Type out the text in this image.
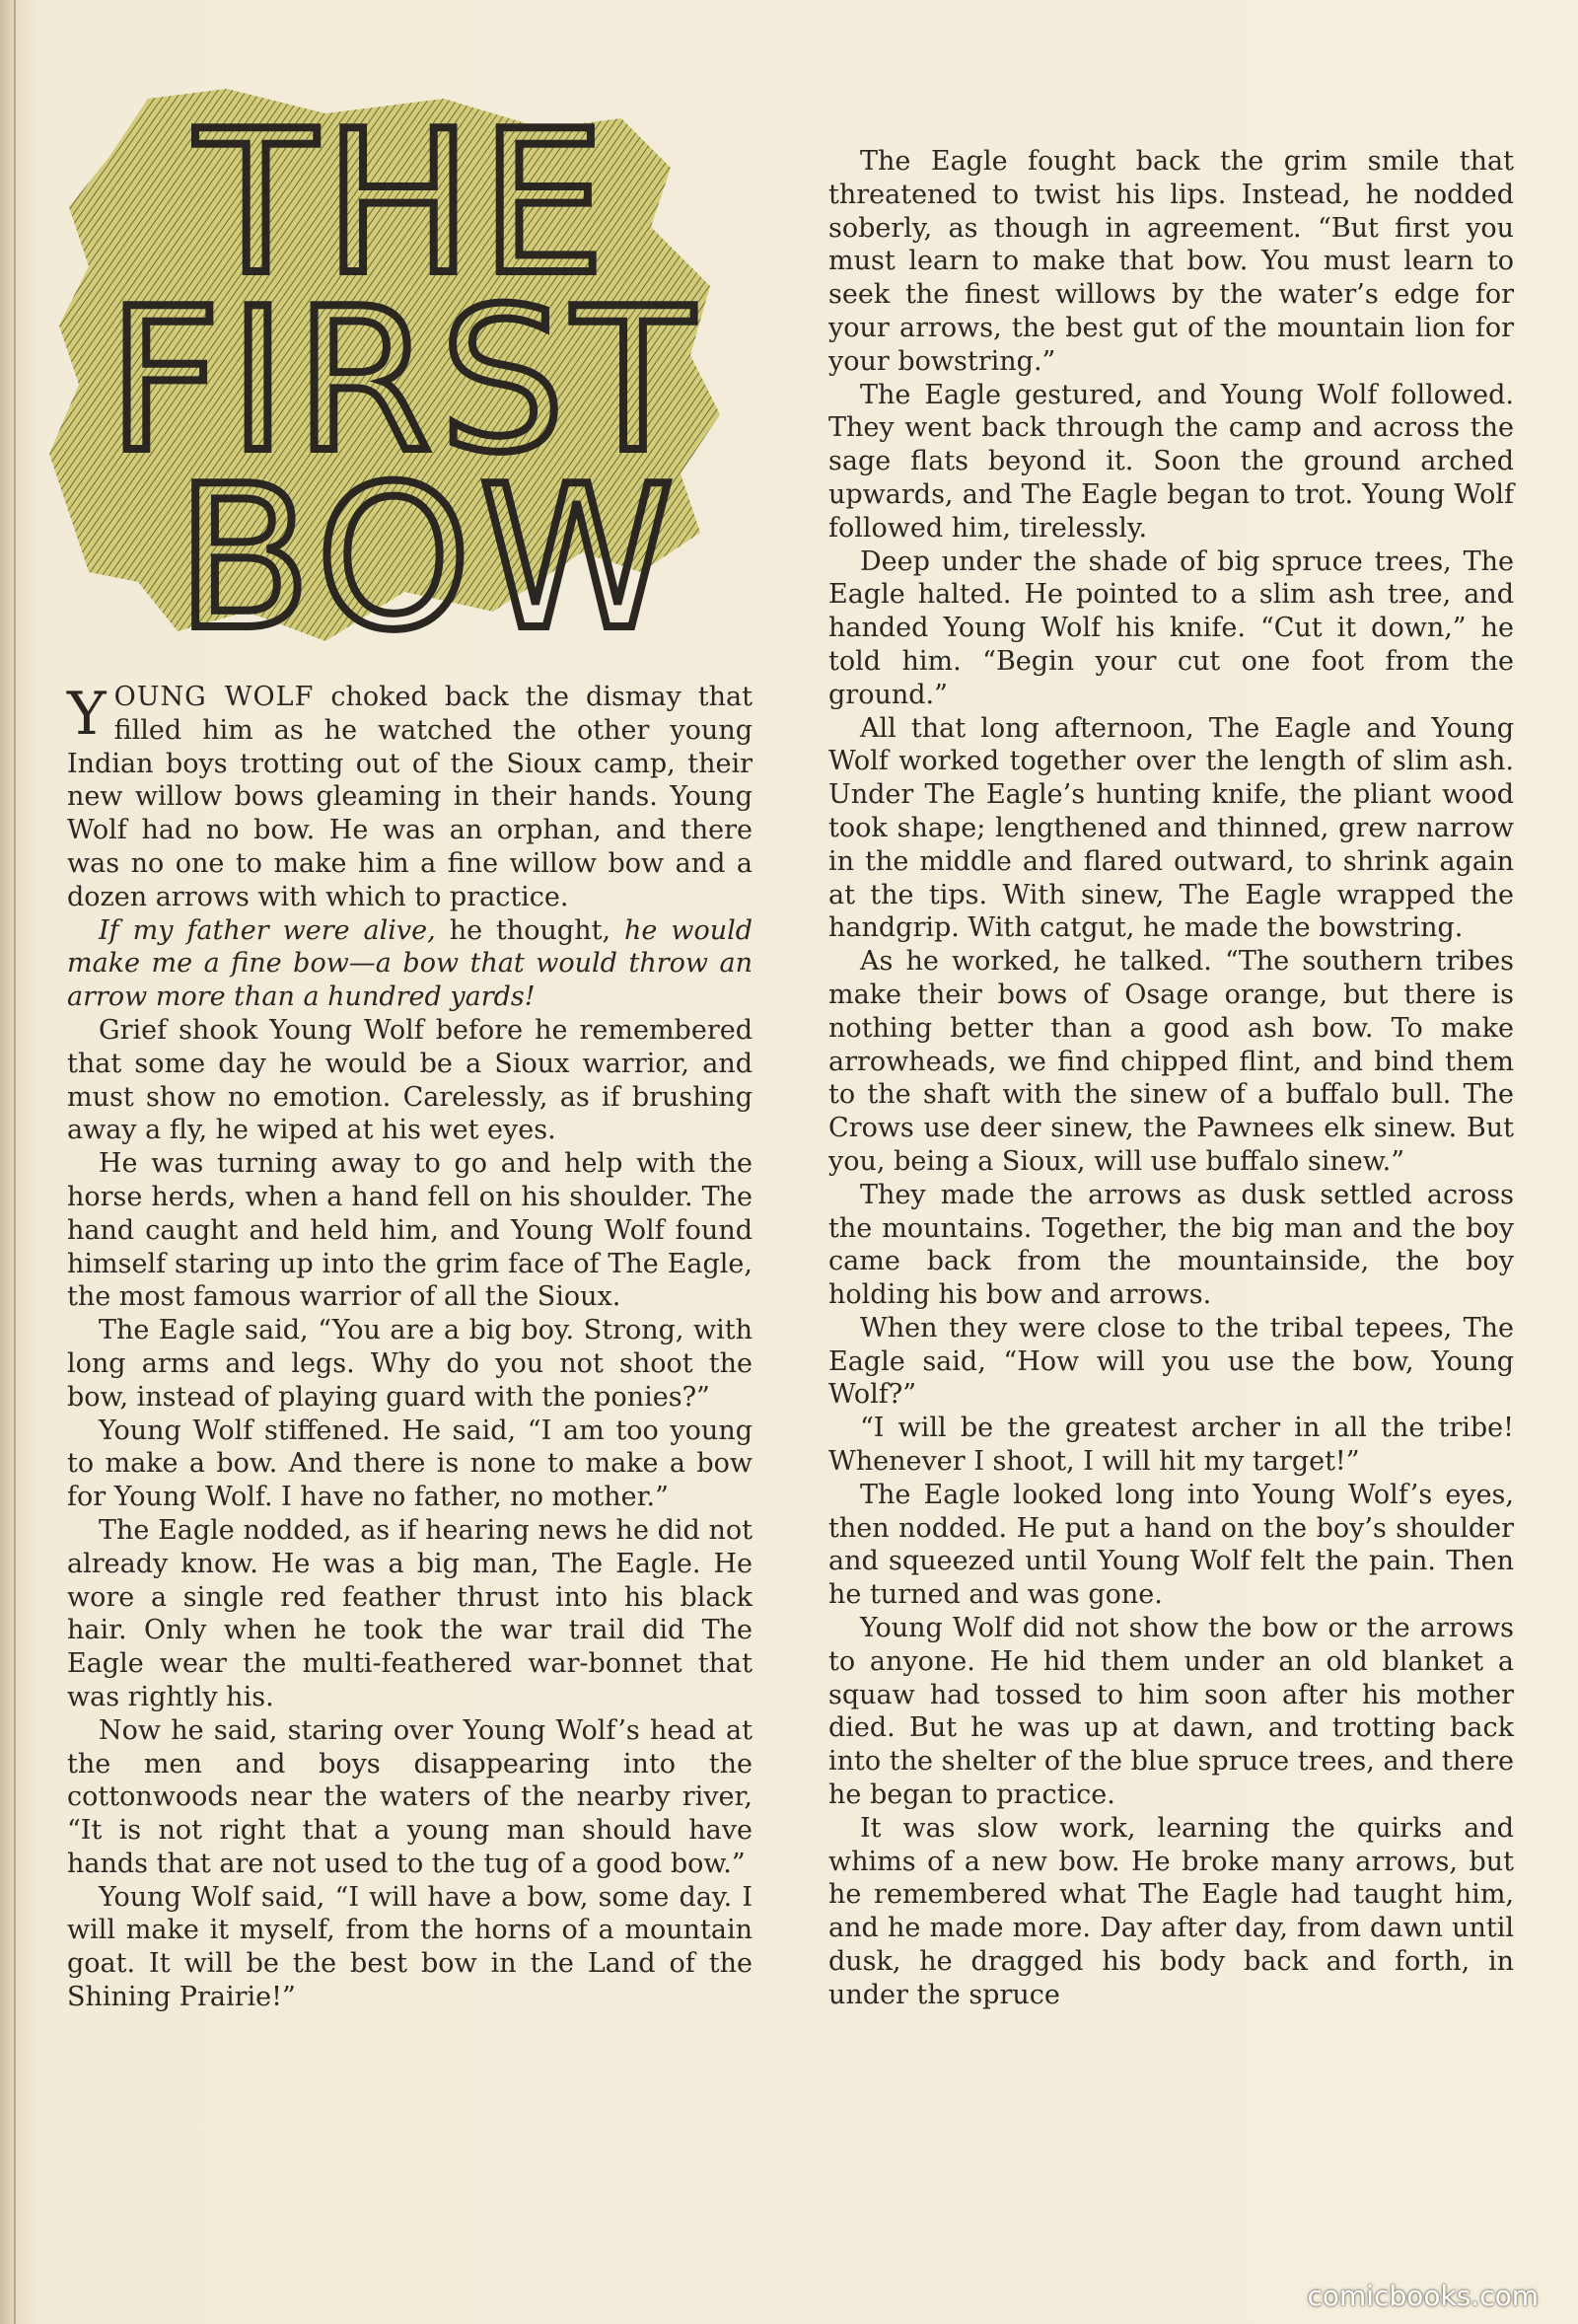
THE
FIRST
BOW

YOUNG WOLF choked back the dismay that filled him as he watched the other young Indian boys trotting out of the Sioux camp, their new willow bows gleaming in their hands. Young Wolf had no bow. He was an orphan, and there was no one to make him a fine willow bow and a dozen arrows with which to practice.

If my father were alive, he thought, he would make me a fine bow—a bow that would throw an arrow more than a hundred yards!

Grief shook Young Wolf before he remembered that some day he would be a Sioux warrior, and must show no emotion. Carelessly, as if brushing away a fly, he wiped at his wet eyes.

He was turning away to go and help with the horse herds, when a hand fell on his shoulder. The hand caught and held him, and Young Wolf found himself staring up into the grim face of The Eagle, the most famous warrior of all the Sioux.

The Eagle said, “You are a big boy. Strong, with long arms and legs. Why do you not shoot the bow, instead of playing guard with the ponies?”

Young Wolf stiffened. He said, “I am too young to make a bow. And there is none to make a bow for Young Wolf. I have no father, no mother.”

The Eagle nodded, as if hearing news he did not already know. He was a big man, The Eagle. He wore a single red feather thrust into his black hair. Only when he took the war trail did The Eagle wear the multi-feathered war-bonnet that was rightly his.

Now he said, staring over Young Wolf’s head at the men and boys disappearing into the cottonwoods near the waters of the nearby river, “It is not right that a young man should have hands that are not used to the tug of a good bow.”

Young Wolf said, “I will have a bow, some day. I will make it myself, from the horns of a mountain goat. It will be the best bow in the Land of the Shining Prairie!”

The Eagle fought back the grim smile that threatened to twist his lips. Instead, he nodded soberly, as though in agreement. “But first you must learn to make that bow. You must learn to seek the finest willows by the water’s edge for your arrows, the best gut of the mountain lion for your bowstring.”

The Eagle gestured, and Young Wolf followed. They went back through the camp and across the sage flats beyond it. Soon the ground arched upwards, and The Eagle began to trot. Young Wolf followed him, tirelessly.

Deep under the shade of big spruce trees, The Eagle halted. He pointed to a slim ash tree, and handed Young Wolf his knife. “Cut it down,” he told him. “Begin your cut one foot from the ground.”

All that long afternoon, The Eagle and Young Wolf worked together over the length of slim ash. Under The Eagle’s hunting knife, the pliant wood took shape; lengthened and thinned, grew narrow in the middle and flared outward, to shrink again at the tips. With sinew, The Eagle wrapped the handgrip. With catgut, he made the bowstring.

As he worked, he talked. “The southern tribes make their bows of Osage orange, but there is nothing better than a good ash bow. To make arrowheads, we find chipped flint, and bind them to the shaft with the sinew of a buffalo bull. The Crows use deer sinew, the Pawnees elk sinew. But you, being a Sioux, will use buffalo sinew.”

They made the arrows as dusk settled across the mountains. Together, the big man and the boy came back from the mountainside, the boy holding his bow and arrows.

When they were close to the tribal tepees, The Eagle said, “How will you use the bow, Young Wolf?”

“I will be the greatest archer in all the tribe! Whenever I shoot, I will hit my target!”

The Eagle looked long into Young Wolf’s eyes, then nodded. He put a hand on the boy’s shoulder and squeezed until Young Wolf felt the pain. Then he turned and was gone.

Young Wolf did not show the bow or the arrows to anyone. He hid them under an old blanket a squaw had tossed to him soon after his mother died. But he was up at dawn, and trotting back into the shelter of the blue spruce trees, and there he began to practice.

It was slow work, learning the quirks and whims of a new bow. He broke many arrows, but he remembered what The Eagle had taught him, and he made more. Day after day, from dawn until dusk, he dragged his body back and forth, in under the spruce

comicbooks.com
